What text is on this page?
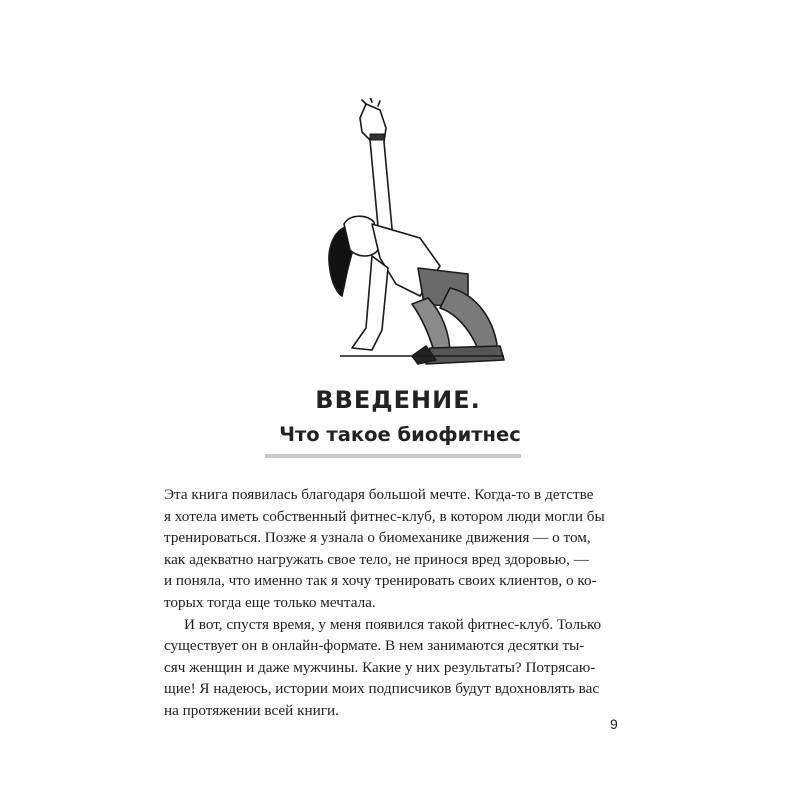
ВВЕДЕНИЕ.
Что такое биофитнес

Эта книга появилась благодаря большой мечте. Когда-то в детстве
я хотела иметь собственный фитнес-клуб, в котором люди могли бы
тренироваться. Позже я узнала о биомеханике движения — о том,
как адекватно нагружать свое тело, не принося вред здоровью, —
и поняла, что именно так я хочу тренировать своих клиентов, о ко-
торых тогда еще только мечтала.

И вот, спустя время, у меня появился такой фитнес-клуб. Только
существует он в онлайн-формате. В нем занимаются десятки ты-
сяч женщин и даже мужчины. Какие у них результаты? Потрясаю-
щие! Я надеюсь, истории моих подписчиков будут вдохновлять вас
на протяжении всей книги.

9
